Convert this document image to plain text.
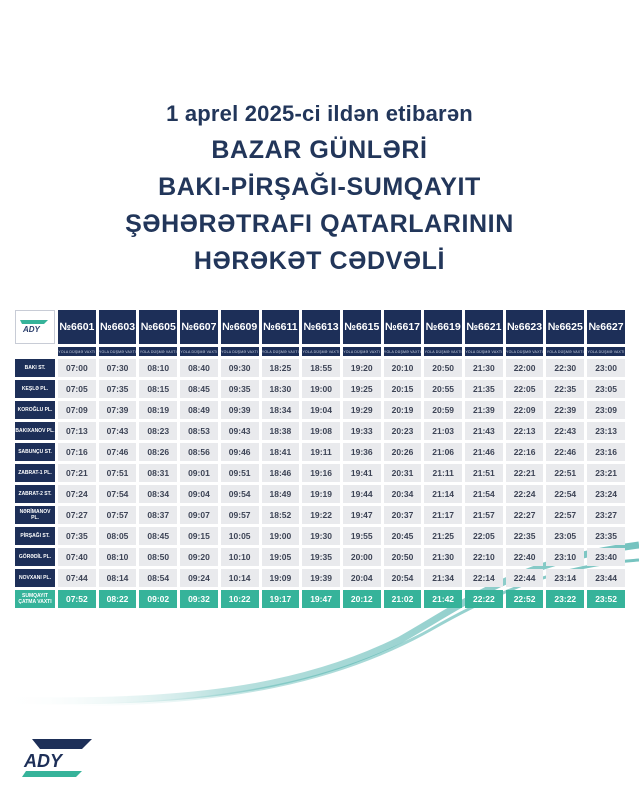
1 aprel 2025-ci ildən etibarən
BAZAR GÜNLƏRİ
BAKI-PİRŞAĞI-SUMQAYIT
ŞƏHƏRƏTRAFI QATARLARININ
HƏRƏKƏT CƏDVƏLİ
ADY	№6601	№6603	№6605	№6607	№6609	№6611	№6613	№6615	№6617	№6619	№6621	№6623	№6625	№6627
	YOLA DÜŞMƏ VAXTI	YOLA DÜŞMƏ VAXTI	YOLA DÜŞMƏ VAXTI	YOLA DÜŞMƏ VAXTI	YOLA DÜŞMƏ VAXTI	YOLA DÜŞMƏ VAXTI	YOLA DÜŞMƏ VAXTI	YOLA DÜŞMƏ VAXTI	YOLA DÜŞMƏ VAXTI	YOLA DÜŞMƏ VAXTI	YOLA DÜŞMƏ VAXTI	YOLA DÜŞMƏ VAXTI	YOLA DÜŞMƏ VAXTI	YOLA DÜŞMƏ VAXTI
BAKI ST.	07:00	07:30	08:10	08:40	09:30	18:25	18:55	19:20	20:10	20:50	21:30	22:00	22:30	23:00
KEŞLƏ PL.	07:05	07:35	08:15	08:45	09:35	18:30	19:00	19:25	20:15	20:55	21:35	22:05	22:35	23:05
KOROĞLU PL.	07:09	07:39	08:19	08:49	09:39	18:34	19:04	19:29	20:19	20:59	21:39	22:09	22:39	23:09
BAKIXANOV PL.	07:13	07:43	08:23	08:53	09:43	18:38	19:08	19:33	20:23	21:03	21:43	22:13	22:43	23:13
SABUNÇU ST.	07:16	07:46	08:26	08:56	09:46	18:41	19:11	19:36	20:26	21:06	21:46	22:16	22:46	23:16
ZABRAT-1 PL.	07:21	07:51	08:31	09:01	09:51	18:46	19:16	19:41	20:31	21:11	21:51	22:21	22:51	23:21
ZABRAT-2 ST.	07:24	07:54	08:34	09:04	09:54	18:49	19:19	19:44	20:34	21:14	21:54	22:24	22:54	23:24
NƏRİMANOV PL.	07:27	07:57	08:37	09:07	09:57	18:52	19:22	19:47	20:37	21:17	21:57	22:27	22:57	23:27
PİRŞAĞI ST.	07:35	08:05	08:45	09:15	10:05	19:00	19:30	19:55	20:45	21:25	22:05	22:35	23:05	23:35
GÖRƏDİL PL.	07:40	08:10	08:50	09:20	10:10	19:05	19:35	20:00	20:50	21:30	22:10	22:40	23:10	23:40
NOVXANI PL.	07:44	08:14	08:54	09:24	10:14	19:09	19:39	20:04	20:54	21:34	22:14	22:44	23:14	23:44
SUMQAYIT ÇATMA VAXTI	07:52	08:22	09:02	09:32	10:22	19:17	19:47	20:12	21:02	21:42	22:22	22:52	23:22	23:52
ADY
